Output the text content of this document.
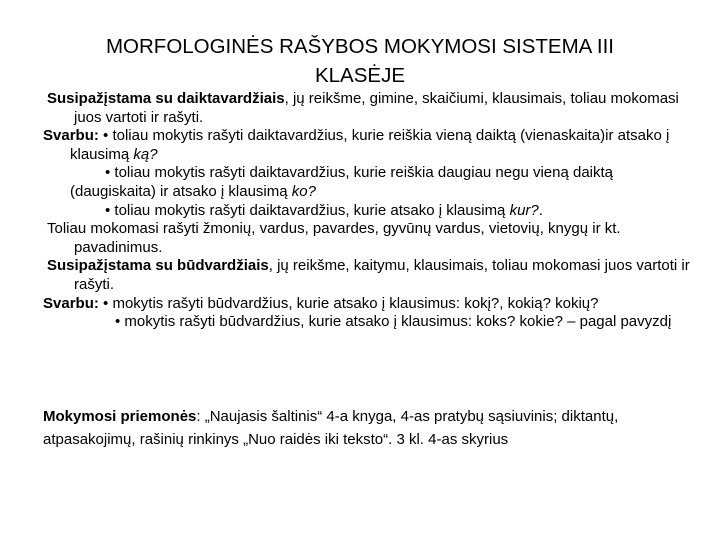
MORFOLOGINĖS RAŠYBOS MOKYMOSI SISTEMA III
KLASĖJE
Susipažįstama su daiktavardžiais, jų reikšme, gimine, skaičiumi, klausimais, toliau mokomasi juos vartoti ir rašyti.
Svarbu: • toliau mokytis rašyti daiktavardžius, kurie reiškia vieną daiktą (vienaskaita)ir atsako į klausimą ką?
• toliau mokytis rašyti daiktavardžius, kurie reiškia daugiau negu vieną daiktą (daugiskaita) ir atsako į klausimą ko?
• toliau mokytis rašyti daiktavardžius, kurie atsako į klausimą kur?.
Toliau mokomasi rašyti žmonių, vardus, pavardes, gyvūnų vardus, vietovių, knygų ir kt. pavadinimus.
Susipažįstama su būdvardžiais, jų reikšme, kaitymu, klausimais, toliau mokomasi juos vartoti ir rašyti.
Svarbu: • mokytis rašyti būdvardžius, kurie atsako į klausimus: kokį?, kokią? kokių?
• mokytis rašyti būdvardžius, kurie atsako į klausimus: koks? kokie? – pagal pavyzdį
Mokymosi priemonės: „Naujasis šaltinis“ 4-a knyga, 4-as pratybų sąsiuvinis; diktantų, atpasakojimų, rašinių rinkinys „Nuo raidės iki teksto“. 3 kl. 4-as skyrius
